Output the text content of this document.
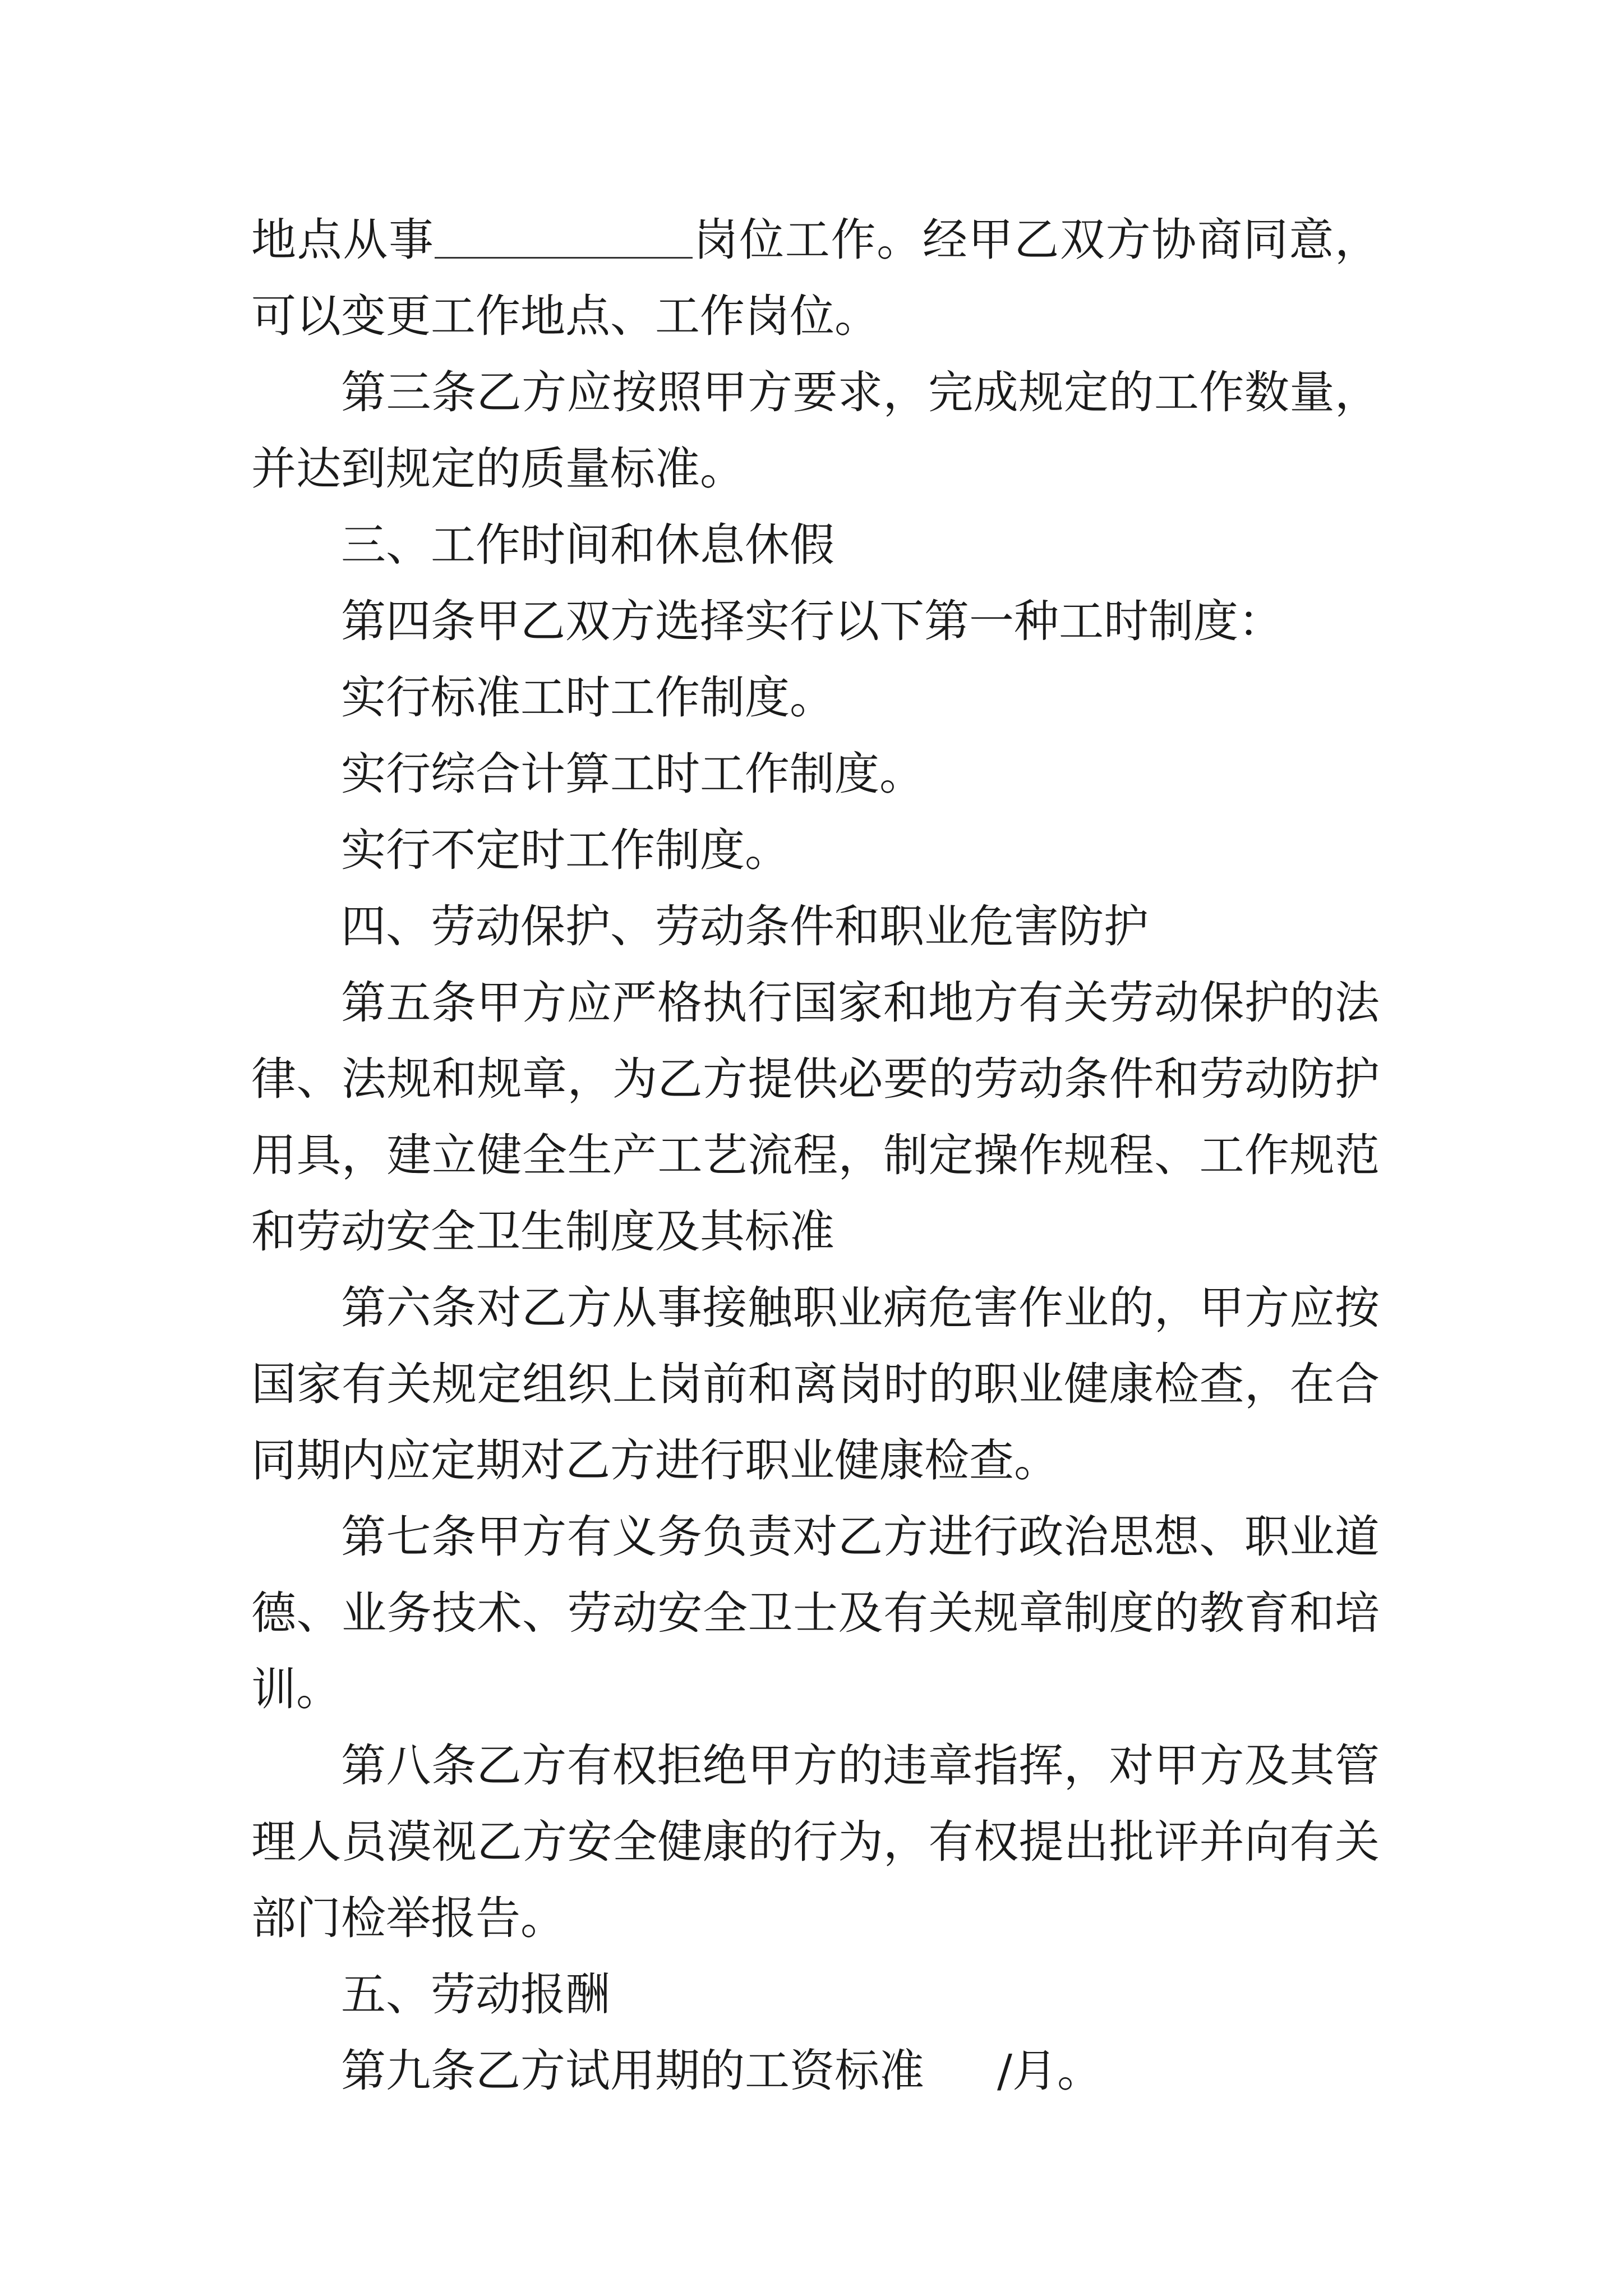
地点从事	岗位工作。经甲乙双方协商同意，可以变更工作地点、工作岗位。

第三条乙方应按照甲方要求，完成规定的工作数量，并达到规定的质量标准。

三、工作时间和休息休假

第四条甲乙双方选择实行以下第一种工时制度：

实行标准工时工作制度。

实行综合计算工时工作制度。

实行不定时工作制度。

四、劳动保护、劳动条件和职业危害防护

第五条甲方应严格执行国家和地方有关劳动保护的法律、法规和规章，为乙方提供必要的劳动条件和劳动防护用具，建立健全生产工艺流程，制定操作规程、工作规范和劳动安全卫生制度及其标准

第六条对乙方从事接触职业病危害作业的，甲方应按国家有关规定组织上岗前和离岗时的职业健康检查，在合同期内应定期对乙方进行职业健康检查。

第七条甲方有义务负责对乙方进行政治思想、职业道德、业务技术、劳动安全卫士及有关规章制度的教育和培训。

第八条乙方有权拒绝甲方的违章指挥，对甲方及其管理人员漠视乙方安全健康的行为，有权提出批评并向有关部门检举报告。

五、劳动报酬

第九条乙方试用期的工资标准 /月。
